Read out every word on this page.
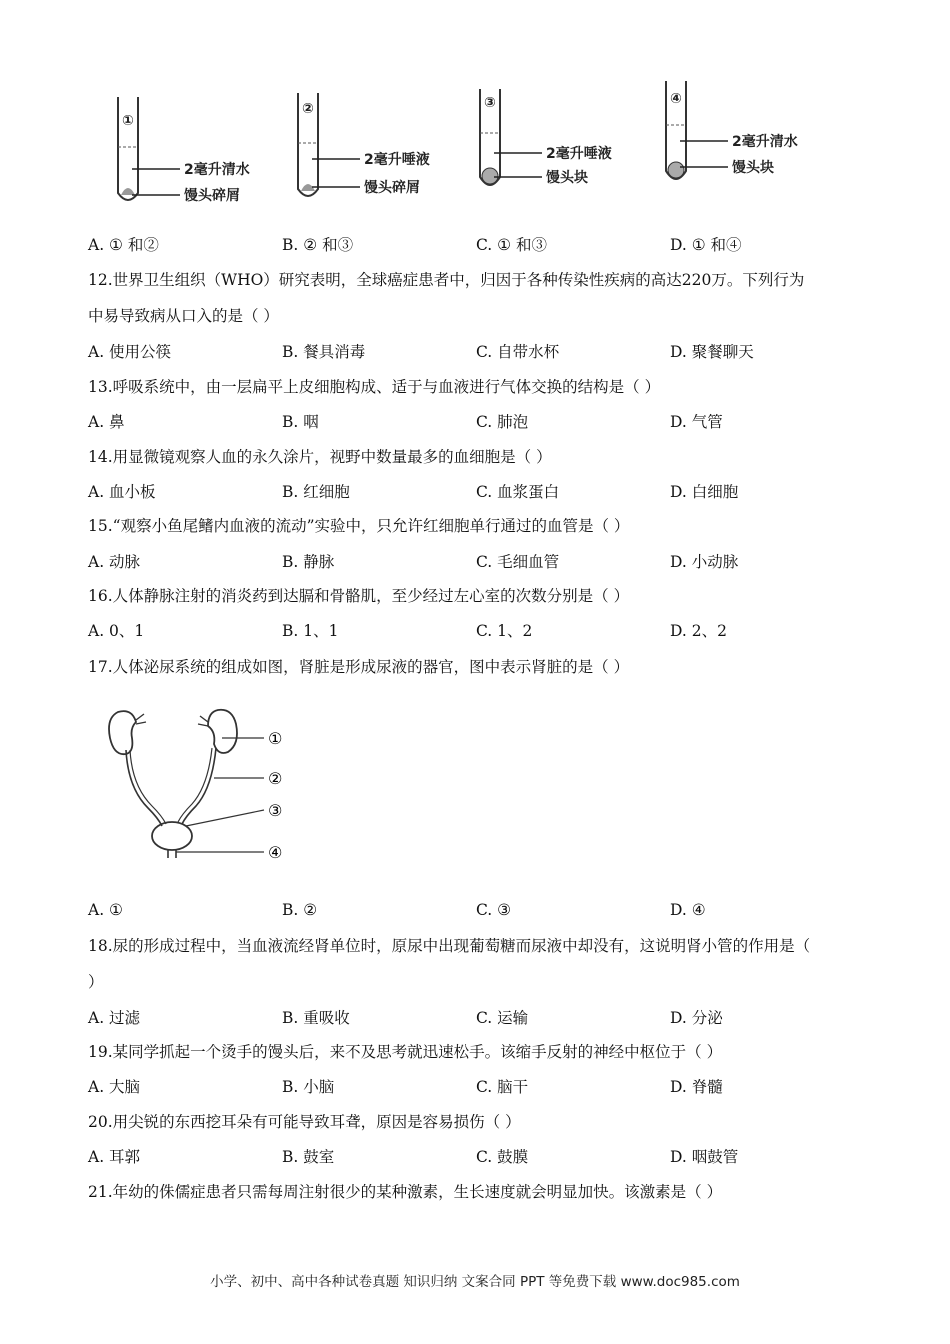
①
2毫升清水
馒头碎屑
②
2毫升唾液
馒头碎屑
③
2毫升唾液
馒头块
④
2毫升清水
馒头块
A. ① 和②	B. ② 和③	C. ① 和③	D. ① 和④
12.世界卫生组织（WHO）研究表明，全球癌症患者中，归因于各种传染性疾病的高达220万。下列行为
中易导致病从口入的是（ ）
A. 使用公筷	B. 餐具消毒	C. 自带水杯	D. 聚餐聊天
13.呼吸系统中，由一层扁平上皮细胞构成、适于与血液进行气体交换的结构是（ ）
A. 鼻	B. 咽	C. 肺泡	D. 气管
14.用显微镜观察人血的永久涂片，视野中数量最多的血细胞是（ ）
A. 血小板	B. 红细胞	C. 血浆蛋白	D. 白细胞
15.“观察小鱼尾鳍内血液的流动”实验中，只允许红细胞单行通过的血管是（ ）
A. 动脉	B. 静脉	C. 毛细血管	D. 小动脉
16.人体静脉注射的消炎药到达膈和骨骼肌，至少经过左心室的次数分别是（ ）
A. 0、1	B. 1、1	C. 1、2	D. 2、2
17.人体泌尿系统的组成如图，肾脏是形成尿液的器官，图中表示肾脏的是（ ）
①
②
③
④
A. ①	B. ②	C. ③	D. ④
18.尿的形成过程中，当血液流经肾单位时，原尿中出现葡萄糖而尿液中却没有，这说明肾小管的作用是（
）
A. 过滤	B. 重吸收	C. 运输	D. 分泌
19.某同学抓起一个烫手的馒头后，来不及思考就迅速松手。该缩手反射的神经中枢位于（ ）
A. 大脑	B. 小脑	C. 脑干	D. 脊髓
20.用尖锐的东西挖耳朵有可能导致耳聋，原因是容易损伤（ ）
A. 耳郭	B. 鼓室	C. 鼓膜	D. 咽鼓管
21.年幼的侏儒症患者只需每周注射很少的某种激素，生长速度就会明显加快。该激素是（ ）
小学、初中、高中各种试卷真题 知识归纳 文案合同 PPT 等免费下载 www.doc985.com
